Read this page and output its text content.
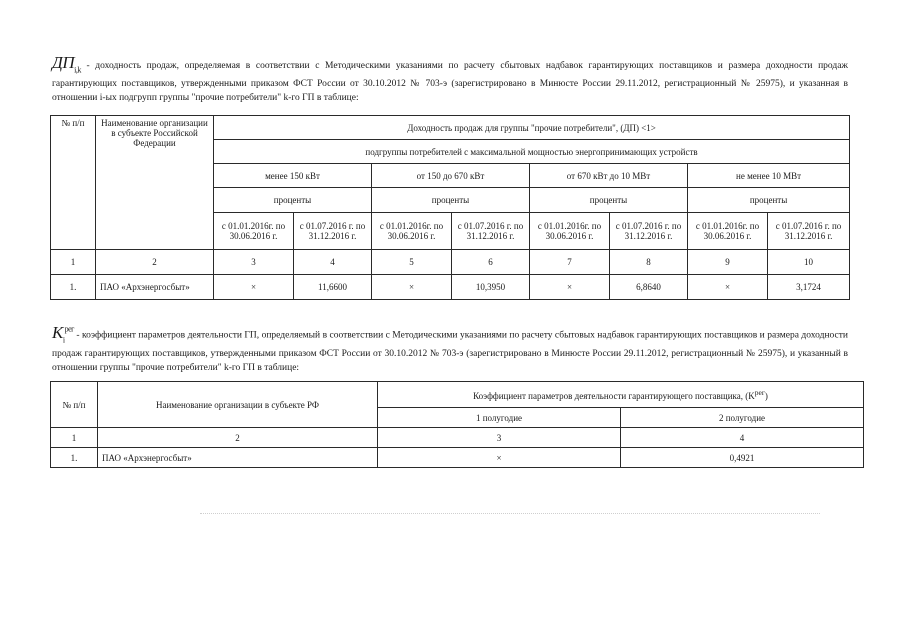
$ДП_{i,k}$ - доходность продаж, определяемая в соответствии с Методическими указаниями по расчету сбытовых надбавок гарантирующих поставщиков и размера доходности продаж гарантирующих поставщиков, утвержденными приказом ФСТ России от 30.10.2012 № 703-э (зарегистрировано в Минюсте России 29.11.2012, регистрационный № 25975), и указанная в отношении i-ых подгрупп группы "прочие потребители" k-го ГП в таблице:
№ п/п	Наименование организации в субъекте Российской Федерации	Доходность продаж для группы "прочие потребители", (ДП) <1>							
		подгруппы потребителей с максимальной мощностью энергопринимающих устройств							
		менее 150 кВт		от 150 до 670 кВт		от 670 кВт до 10 МВт		не менее 10 МВт	
		проценты		проценты		проценты		проценты	
		с 01.01.2016г. по 30.06.2016 г.	с 01.07.2016 г. по 31.12.2016 г.	с 01.01.2016г. по 30.06.2016 г.	с 01.07.2016 г. по 31.12.2016 г.	с 01.01.2016г. по 30.06.2016 г.	с 01.07.2016 г. по 31.12.2016 г.	с 01.01.2016г. по 30.06.2016 г.	с 01.07.2016 г. по 31.12.2016 г.
1	2	3	4	5	6	7	8	9	10
1.	ПАО «Архэнергосбыт»	×	11,6600	×	10,3950	×	6,8640	×	3,1724
$K_i^{рег}$ - коэффициент параметров деятельности ГП, определяемый в соответствии с Методическими указаниями по расчету сбытовых надбавок гарантирующих поставщиков и размера доходности продаж гарантирующих поставщиков, утвержденными приказом ФСТ России от 30.10.2012 № 703-э (зарегистрировано в Минюсте России 29.11.2012, регистрационный № 25975), и указанный в отношении группы "прочие потребители" k-го ГП в таблице:
№ п/п	Наименование организации в субъекте РФ	Коэффициент параметров деятельности гарантирующего поставщика, $(K^{рег})$	
		1 полугодие	2 полугодие
1	2	3	4
1.	ПАО «Архэнергосбыт»	×	0,4921
